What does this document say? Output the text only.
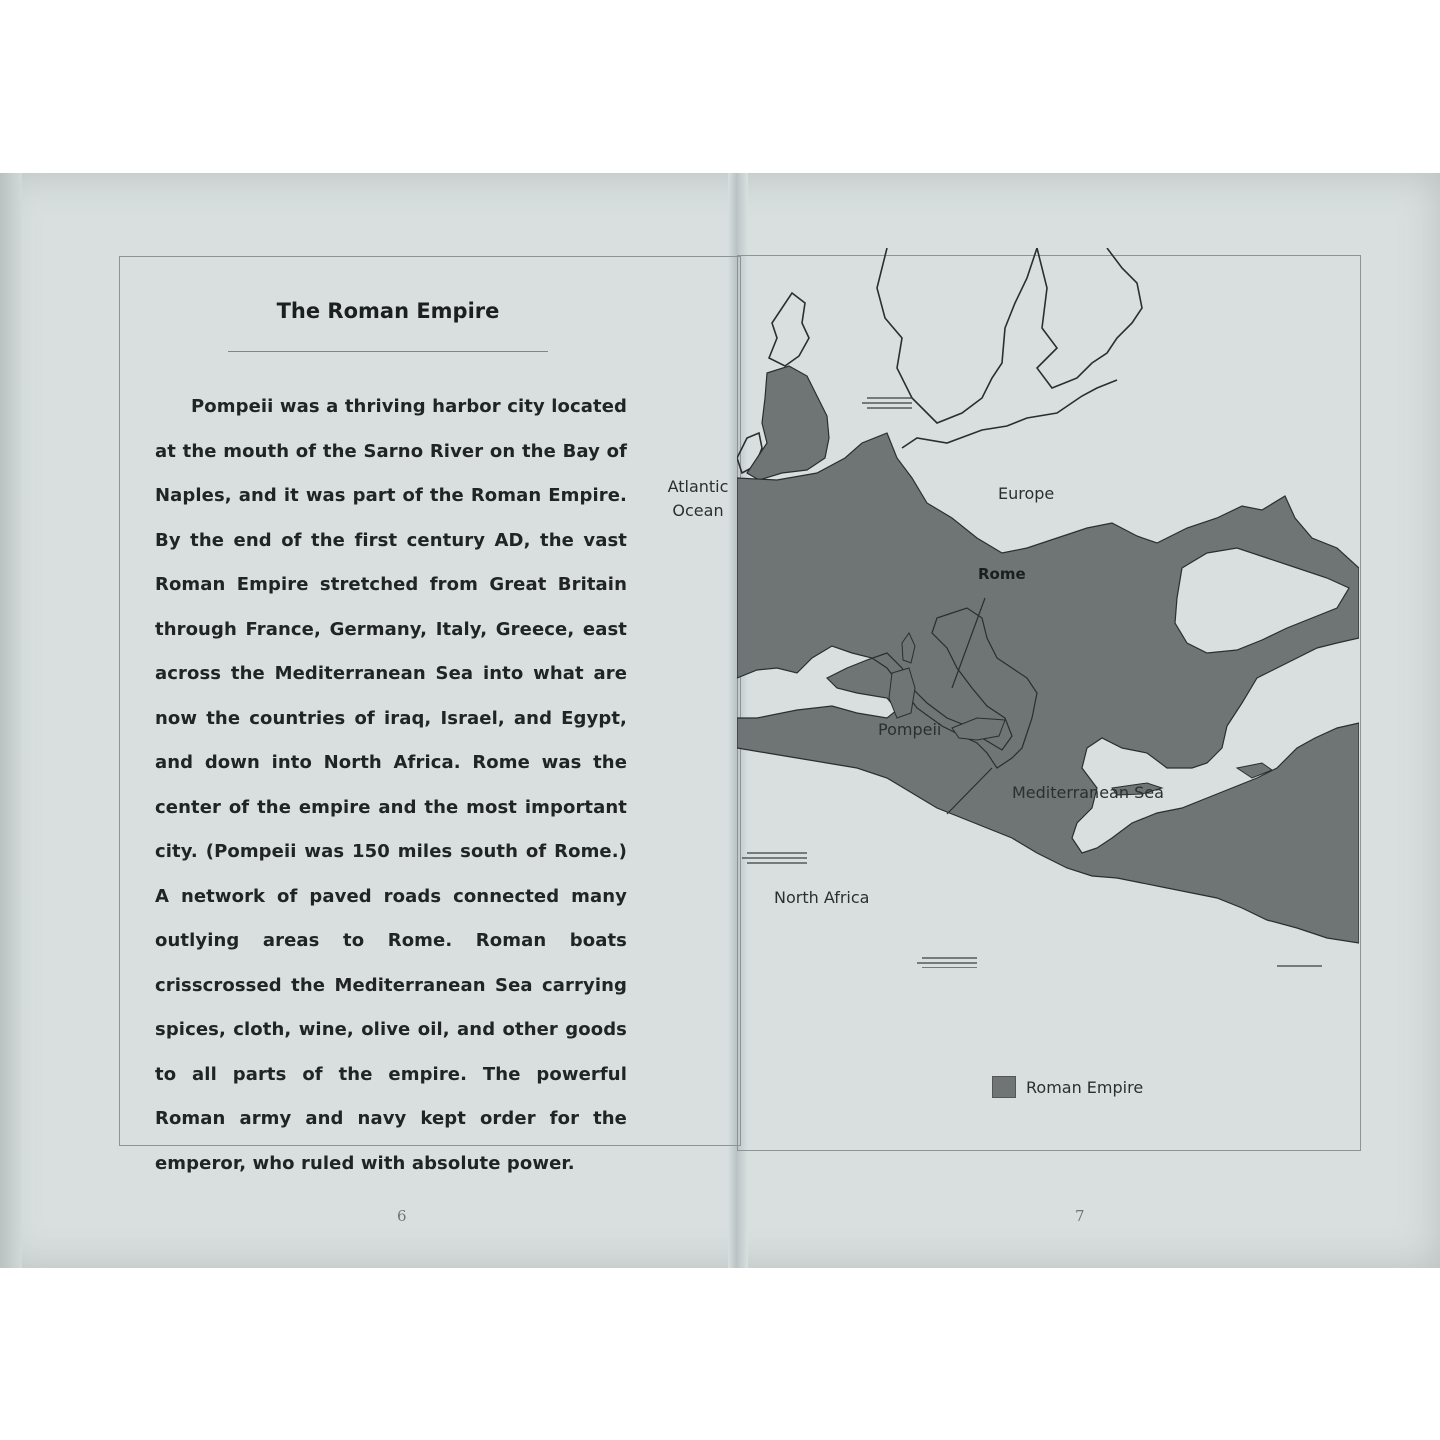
The Roman Empire

Pompeii was a thriving harbor city located at the mouth of the Sarno River on the Bay of Naples, and it was part of the Roman Empire. By the end of the first century AD, the vast Roman Empire stretched from Great Britain through France, Germany, Italy, Greece, east across the Mediterranean Sea into what are now the countries of iraq, Israel, and Egypt, and down into North Africa. Rome was the center of the empire and the most important city. (Pompeii was 150 miles south of Rome.) A network of paved roads connected many outlying areas to Rome. Roman boats crisscrossed the Mediterranean Sea carrying spices, cloth, wine, olive oil, and other goods to all parts of the empire. The powerful Roman army and navy kept order for the emperor, who ruled with absolute power.

6
Atlantic Ocean
Europe
Rome
Pompeii
Mediterranean Sea
North Africa
Roman Empire
7
